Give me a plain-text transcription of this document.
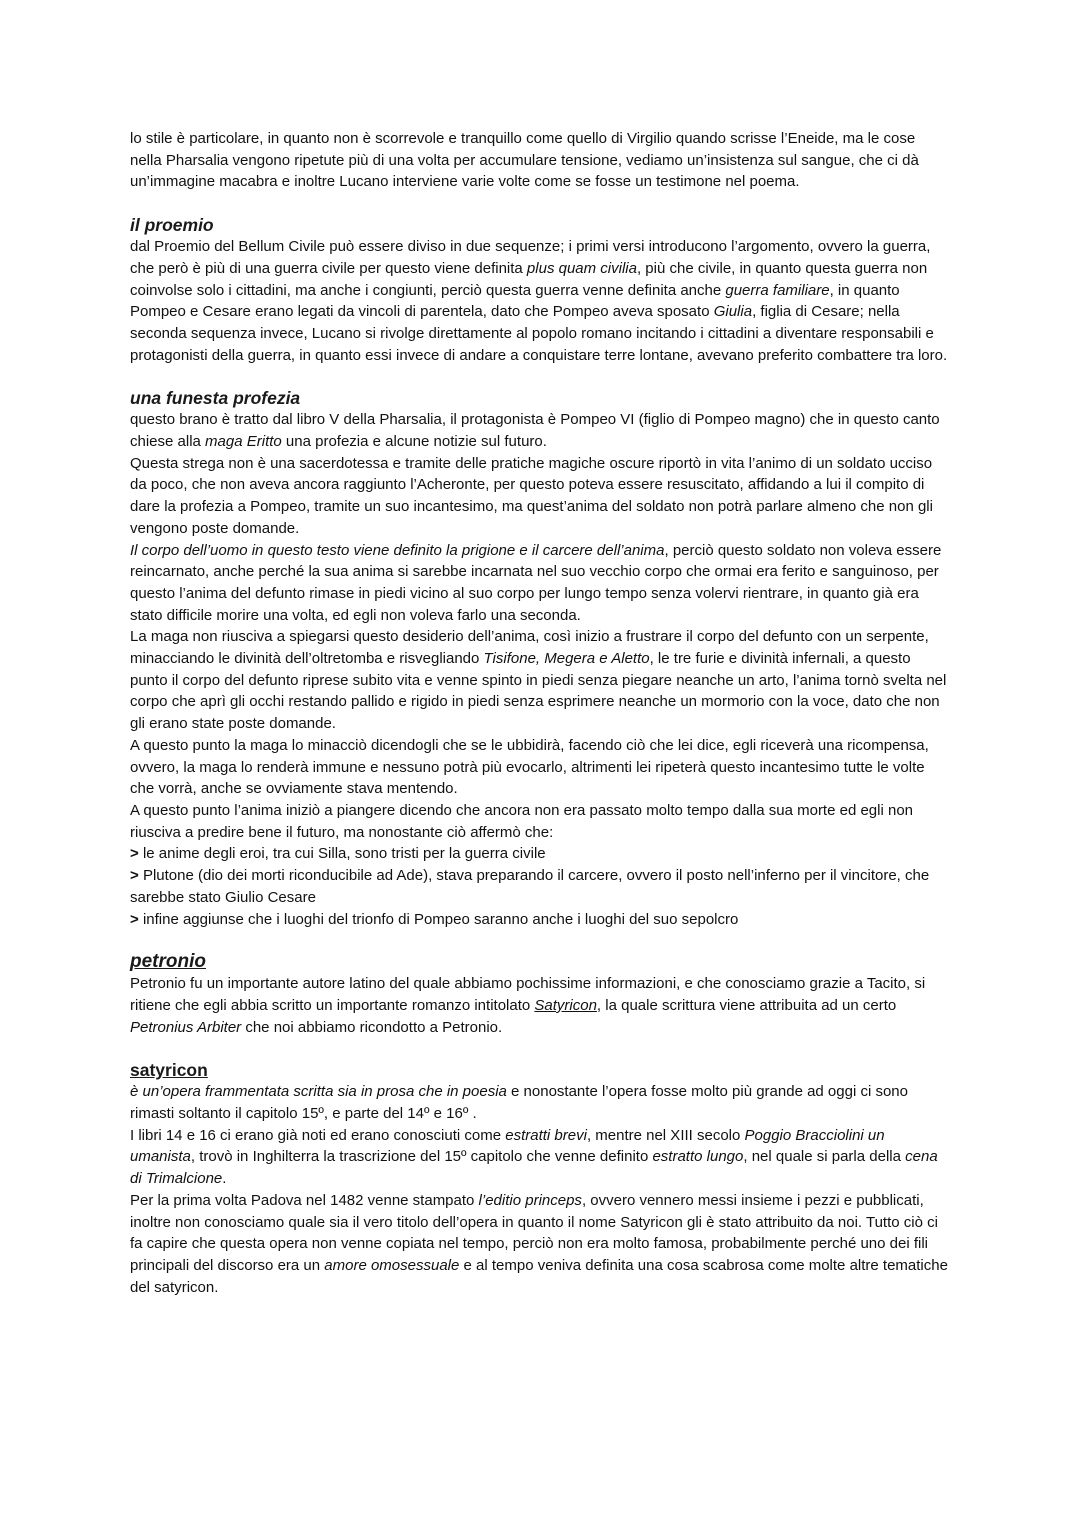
lo stile è particolare, in quanto non è scorrevole e tranquillo come quello di Virgilio quando scrisse l’Eneide, ma le cose nella Pharsalia vengono ripetute più di una volta per accumulare tensione, vediamo un’insistenza sul sangue, che ci dà un’immagine macabra e inoltre Lucano interviene varie volte come se fosse un testimone nel poema.

il proemio

dal Proemio del Bellum Civile può essere diviso in due sequenze; i primi versi introducono l’argomento, ovvero la guerra, che però è più di una guerra civile per questo viene definita plus quam civilia, più che civile, in quanto questa guerra non coinvolse solo i cittadini, ma anche i congiunti, perciò questa guerra venne definita anche guerra familiare, in quanto Pompeo e Cesare erano legati da vincoli di parentela, dato che Pompeo aveva sposato Giulia, figlia di Cesare; nella seconda sequenza invece, Lucano si rivolge direttamente al popolo romano incitando i cittadini a diventare responsabili e protagonisti della guerra, in quanto essi invece di andare a conquistare terre lontane, avevano preferito combattere tra loro.

una funesta profezia

questo brano è tratto dal libro V della Pharsalia, il protagonista è Pompeo VI (figlio di Pompeo magno) che in questo canto chiese alla maga Eritto una profezia e alcune notizie sul futuro.

Questa strega non è una sacerdotessa e tramite delle pratiche magiche oscure riportò in vita l’animo di un soldato ucciso da poco, che non aveva ancora raggiunto l’Acheronte, per questo poteva essere resuscitato, affidando a lui il compito di dare la profezia a Pompeo, tramite un suo incantesimo, ma quest’anima del soldato non potrà parlare almeno che non gli vengono poste domande.

Il corpo dell’uomo in questo testo viene definito la prigione e il carcere dell’anima, perciò questo soldato non voleva essere reincarnato, anche perché la sua anima si sarebbe incarnata nel suo vecchio corpo che ormai era ferito e sanguinoso, per questo l’anima del defunto rimase in piedi vicino al suo corpo per lungo tempo senza volervi rientrare, in quanto già era stato difficile morire una volta, ed egli non voleva farlo una seconda.

La maga non riusciva a spiegarsi questo desiderio dell’anima, così inizio a frustrare il corpo del defunto con un serpente, minacciando le divinità dell’oltretomba e risvegliando Tisifone, Megera e Aletto, le tre furie e divinità infernali, a questo punto il corpo del defunto riprese subito vita e venne spinto in piedi senza piegare neanche un arto, l’anima tornò svelta nel corpo che aprì gli occhi restando pallido e rigido in piedi senza esprimere neanche un mormorio con la voce, dato che non gli erano state poste domande.

A questo punto la maga lo minacciò dicendogli che se le ubbidirà, facendo ciò che lei dice, egli riceverà una ricompensa, ovvero, la maga lo renderà immune e nessuno potrà più evocarlo, altrimenti lei ripeterà questo incantesimo tutte le volte che vorrà, anche se ovviamente stava mentendo.

A questo punto l’anima iniziò a piangere dicendo che ancora non era passato molto tempo dalla sua morte ed egli non riusciva a predire bene il futuro, ma nonostante ciò affermò che:

> le anime degli eroi, tra cui Silla, sono tristi per la guerra civile

> Plutone (dio dei morti riconducibile ad Ade), stava preparando il carcere, ovvero il posto nell’inferno per il vincitore, che sarebbe stato Giulio Cesare

> infine aggiunse che i luoghi del trionfo di Pompeo saranno anche i luoghi del suo sepolcro

petronio

Petronio fu un importante autore latino del quale abbiamo pochissime informazioni, e che conosciamo grazie a Tacito, si ritiene che egli abbia scritto un importante romanzo intitolato Satyricon, la quale scrittura viene attribuita ad un certo Petronius Arbiter che noi abbiamo ricondotto a Petronio.

satyricon

è un’opera frammentata scritta sia in prosa che in poesia e nonostante l’opera fosse molto più grande ad oggi ci sono rimasti soltanto il capitolo 15º, e parte del 14º e 16º .

I libri 14 e 16 ci erano già noti ed erano conosciuti come estratti brevi, mentre nel XIII secolo Poggio Bracciolini un umanista, trovò in Inghilterra la trascrizione del 15º capitolo che venne definito estratto lungo, nel quale si parla della cena di Trimalcione.

Per la prima volta Padova nel 1482 venne stampato l’editio princeps, ovvero vennero messi insieme i pezzi e pubblicati, inoltre non conosciamo quale sia il vero titolo dell’opera in quanto il nome Satyricon gli è stato attribuito da noi. Tutto ciò ci fa capire che questa opera non venne copiata nel tempo, perciò non era molto famosa, probabilmente perché uno dei fili principali del discorso era un amore omosessuale e al tempo veniva definita una cosa scabrosa come molte altre tematiche del satyricon.
